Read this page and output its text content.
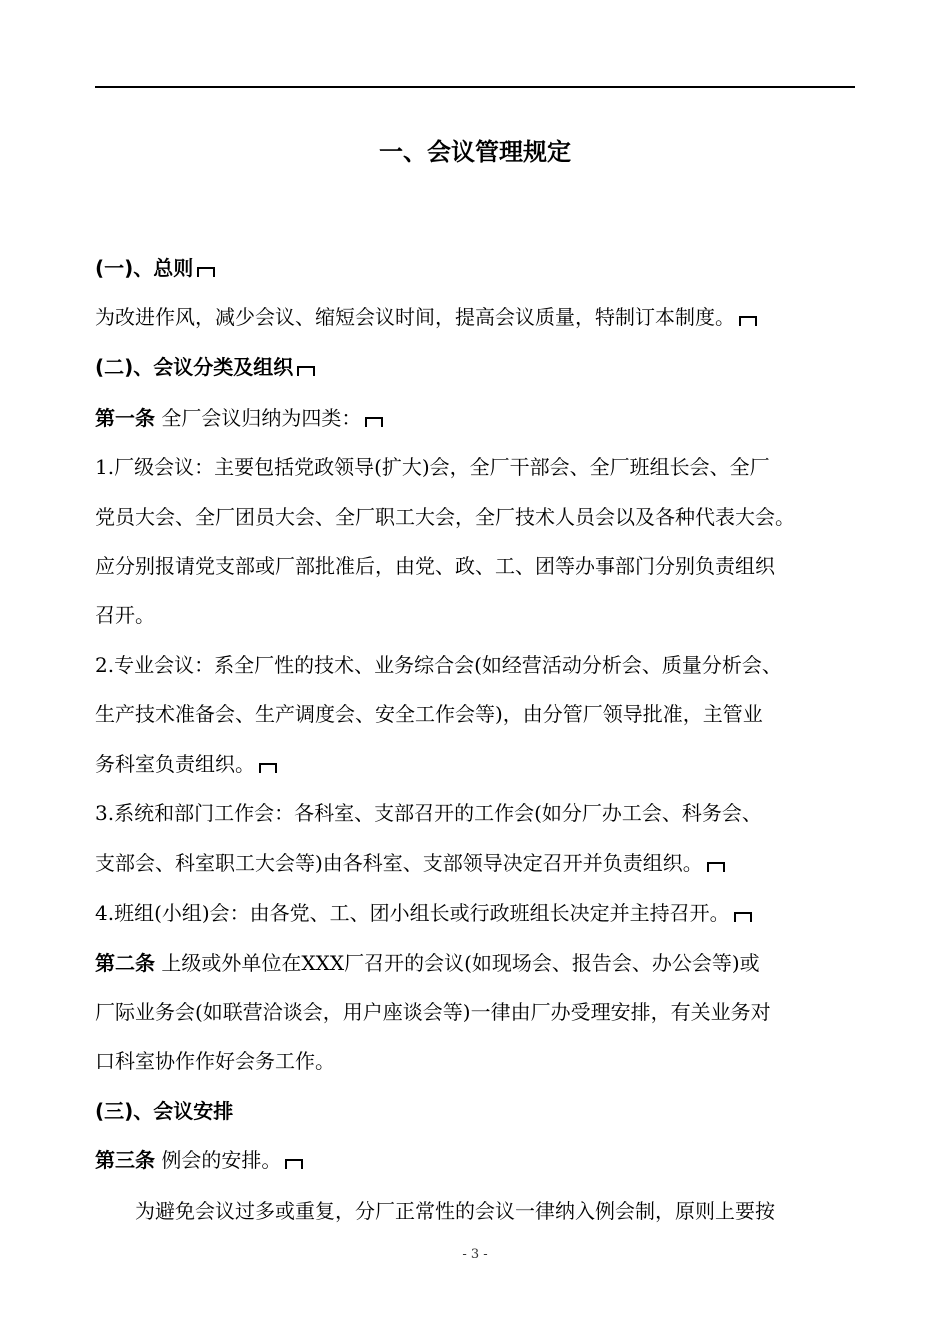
一、会议管理规定
(一)、总则
为改进作风，减少会议、缩短会议时间，提高会议质量，特制订本制度。
(二)、会议分类及组织
第一条 全厂会议归纳为四类：
1.厂级会议：主要包括党政领导(扩大)会，全厂干部会、全厂班组长会、全厂
党员大会、全厂团员大会、全厂职工大会，全厂技术人员会以及各种代表大会。
应分别报请党支部或厂部批准后，由党、政、工、团等办事部门分别负责组织
召开。
2.专业会议：系全厂性的技术、业务综合会(如经营活动分析会、质量分析会、
生产技术准备会、生产调度会、安全工作会等)，由分管厂领导批准，主管业
务科室负责组织。
3.系统和部门工作会：各科室、支部召开的工作会(如分厂办工会、科务会、
支部会、科室职工大会等)由各科室、支部领导决定召开并负责组织。
4.班组(小组)会：由各党、工、团小组长或行政班组长决定并主持召开。
第二条 上级或外单位在XXX厂召开的会议(如现场会、报告会、办公会等)或
厂际业务会(如联营洽谈会，用户座谈会等)一律由厂办受理安排，有关业务对
口科室协作作好会务工作。
(三)、会议安排
第三条 例会的安排。
为避免会议过多或重复，分厂正常性的会议一律纳入例会制，原则上要按
- 3 -
